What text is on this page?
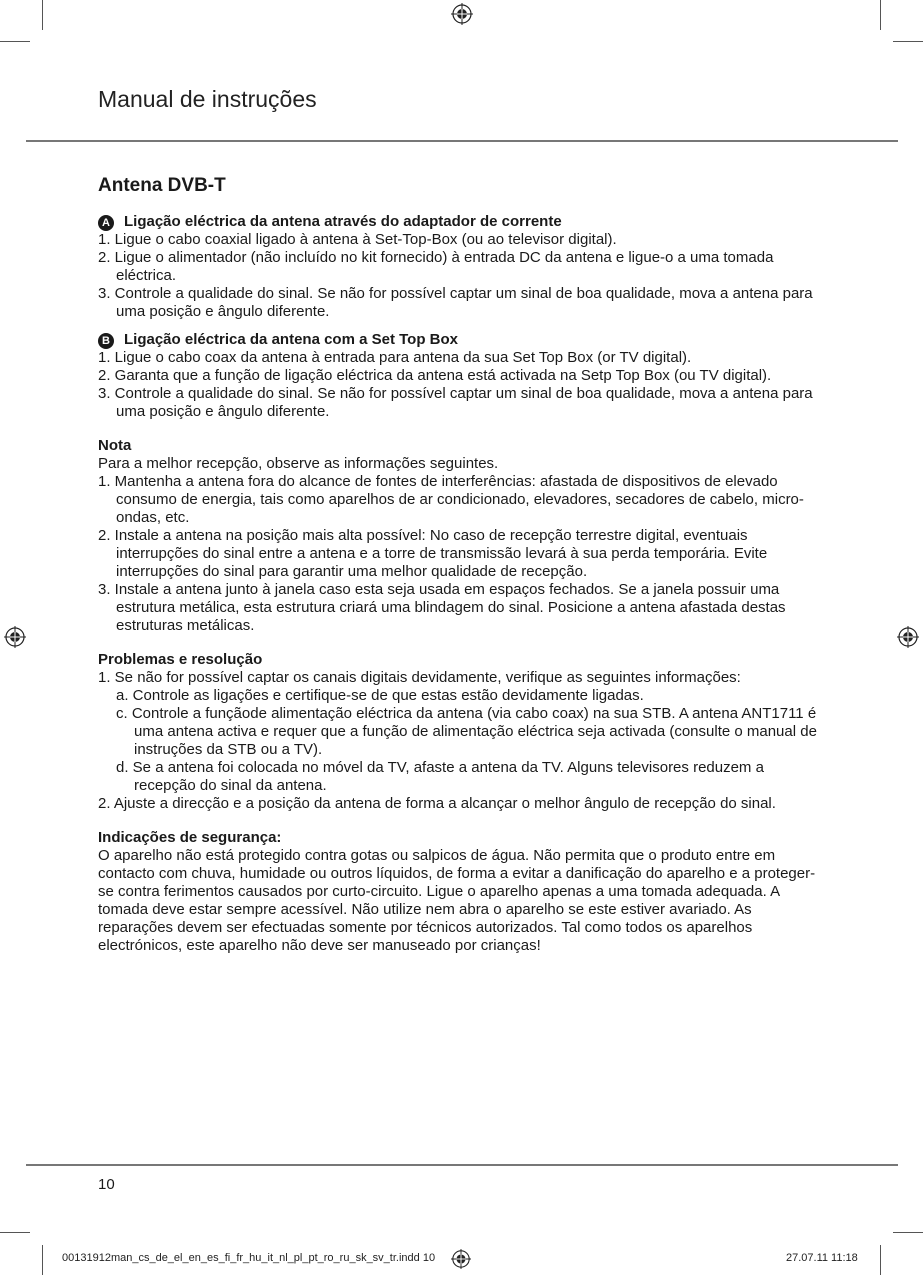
Manual de instruções
Antena DVB-T

A Ligação eléctrica da antena através do adaptador de corrente

1. Ligue o cabo coaxial ligado à antena à Set-Top-Box (ou ao televisor digital).

2. Ligue o alimentador (não incluído no kit fornecido) à entrada DC da antena e ligue-o a uma tomada eléctrica.

3. Controle a qualidade do sinal. Se não for possível captar um sinal de boa qualidade, mova a antena para uma posição e ângulo diferente.

B Ligação eléctrica da antena com a Set Top Box

1. Ligue o cabo coax da antena à entrada para antena da sua Set Top Box (or TV digital).

2. Garanta que a função de ligação eléctrica da antena está activada na Setp Top Box (ou TV digital).

3. Controle a qualidade do sinal. Se não for possível captar um sinal de boa qualidade, mova a antena para uma posição e ângulo diferente.

Nota

Para a melhor recepção, observe as informações seguintes.

1. Mantenha a antena fora do alcance de fontes de interferências: afastada de dispositivos de elevado consumo de energia, tais como aparelhos de ar condicionado, elevadores, secadores de cabelo, micro-ondas, etc.

2. Instale a antena na posição mais alta possível: No caso de recepção terrestre digital, eventuais interrupções do sinal entre a antena e a torre de transmissão levará à sua perda temporária. Evite interrupções do sinal para garantir uma melhor qualidade de recepção.

3. Instale a antena junto à janela caso esta seja usada em espaços fechados. Se a janela possuir uma estrutura metálica, esta estrutura criará uma blindagem do sinal. Posicione a antena afastada destas estruturas metálicas.

Problemas e resolução

1. Se não for possível captar os canais digitais devidamente, verifique as seguintes informações:

a. Controle as ligações e certifique-se de que estas estão devidamente ligadas.

c. Controle a funçãode alimentação eléctrica da antena (via cabo coax) na sua STB. A antena ANT1711 é uma antena activa e requer que a função de alimentação eléctrica seja activada (consulte o manual de instruções da STB ou a TV).

d. Se a antena foi colocada no móvel da TV, afaste a antena da TV. Alguns televisores reduzem a recepção do sinal da antena.

2. Ajuste a direcção e a posição da antena de forma a alcançar o melhor ângulo de recepção do sinal.

Indicações de segurança:

O aparelho não está protegido contra gotas ou salpicos de água. Não permita que o produto entre em contacto com chuva, humidade ou outros líquidos, de forma a evitar a danificação do aparelho e a proteger-se contra ferimentos causados por curto-circuito. Ligue o aparelho apenas a uma tomada adequada. A tomada deve estar sempre acessível. Não utilize nem abra o aparelho se este estiver avariado. As reparações devem ser efectuadas somente por técnicos autorizados. Tal como todos os aparelhos electrónicos, este aparelho não deve ser manuseado por crianças!

10
00131912man_cs_de_el_en_es_fi_fr_hu_it_nl_pl_pt_ro_ru_sk_sv_tr.indd 10	27.07.11 11:18
